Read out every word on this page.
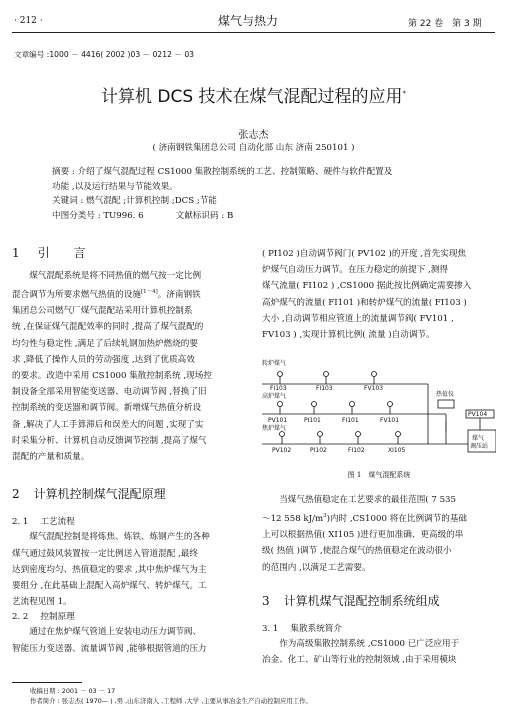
· 212 ·	煤气与热力	第 22 卷　第 3 期
文章编号 :1000 － 4416( 2002 )03 － 0212 － 03
计算机 DCS 技术在煤气混配过程的应用*
张志杰
( 济南钢铁集团总公司 自动化部 山东 济南 250101 )
摘要 : 介绍了煤气混配过程 CS1000 集散控制系统的工艺、控制策略、硬件与软件配置及
功能 ,以及运行结果与节能效果。
关键词 : 燃气混配 ;计算机控制 ;DCS ;节能
中图分类号 : TU996. 6	文献标识码 : B
1 引　　言
煤气混配系统是将不同热值的燃气按一定比例
混合调节为所要求燃气热值的设施[1～4]。济南钢铁
集团总公司燃气厂煤气混配站采用计算机控制系
统 ,在保证煤气混配效率的同时 ,提高了煤气混配的
均匀性与稳定性 ,满足了后续轧钢加热炉燃烧的要
求 ,降低了操作人员的劳动强度 ,达到了优质高效
的要求。改造中采用 CS1000 集散控制系统 ,现场控
制设备全部采用智能变送器、电动调节阀 ,替换了旧
控制系统的变送器和调节阀。新增煤气热值分析设
备 ,解决了人工手算滞后和误差大的问题 ,实现了实
时采集分析、计算机自动反馈调节控制 ,提高了煤气
混配的产量和质量。
2 计算机控制煤气混配原理
2. 1 工艺流程
煤气混配控制是将炼焦、炼铁、炼钢产生的各种
煤气通过鼓风装置按一定比例送入管道混配 ,最终
达到密度均匀、热值稳定的要求 ,其中焦炉煤气为主
要组分 ,在此基础上混配入高炉煤气、转炉煤气。工
艺流程见图 1。
2. 2 控制原理
通过在焦炉煤气管道上安装电动压力调节阀、
智能压力变送器、流量调节阀 ,能够根据管道的压力
( PI102 )自动调节阀门( PV102 )的开度 ,首先实现焦
炉煤气自动压力调节。在压力稳定的前提下 ,测得
煤气流量( FI102 ) ,CS1000 据此按比例确定需要掺入
高炉煤气的流量( FI101 )和转炉煤气的流量( FI103 )
大小 ,自动调节相应管道上的流量调节阀( FV101 ,
FV103 ) ,实现计算机比例( 流量 )自动调节。
转炉煤气
FI103	FI103	FV103
高炉煤气
PV101	PI101	FI101	FV101
焦炉煤气
PV102	PI102	FI102	XI105
热值仪
PV104
煤气
调压站
图 1　煤气混配系统
当煤气热值稳定在工艺要求的最佳范围( 7 535
～12 558 $kJ/m^3$)内时 ,CS1000 将在比例调节的基础
上可以根据热值( XI105 )进行更加准确、更高级的串
级( 热值 )调节 ,使混合煤气的热值稳定在波动很小
的范围内 ,以满足工艺需要。
3 计算机煤气混配控制系统组成
3. 1 集散系统简介
作为高级集散控制系统 ,CS1000 已广泛应用于
冶金、化工、矿山等行业的控制领域 ,由于采用模块
收稿日期 : 2001 － 03 － 17
作者简介 : 张志杰( 1970— ) ,男 ,山东济南人 ,工程师 ,大学 ,主要从事冶金生产自动控制应用工作。
